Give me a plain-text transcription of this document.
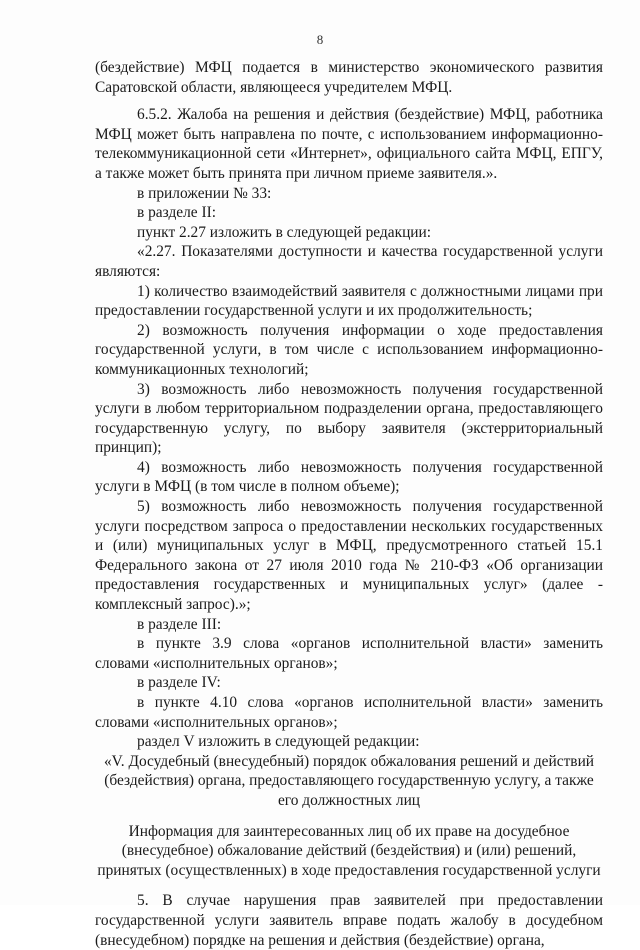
8

(бездействие) МФЦ подается в министерство экономического развития Саратовской области, являющееся учредителем МФЦ.

6.5.2. Жалоба на решения и действия (бездействие) МФЦ, работника МФЦ может быть направлена по почте, с использованием информационно-телекоммуникационной сети «Интернет», официального сайта МФЦ, ЕПГУ, а также может быть принята при личном приеме заявителя.».

в приложении № 33:

в разделе II:

пункт 2.27 изложить в следующей редакции:

«2.27. Показателями доступности и качества государственной услуги являются:

1) количество взаимодействий заявителя с должностными лицами при предоставлении государственной услуги и их продолжительность;

2) возможность получения информации о ходе предоставления государственной услуги, в том числе с использованием информационно-коммуникационных технологий;

3) возможность либо невозможность получения государственной услуги в любом территориальном подразделении органа, предоставляющего государственную услугу, по выбору заявителя (экстерриториальный принцип);

4) возможность либо невозможность получения государственной услуги в МФЦ (в том числе в полном объеме);

5) возможность либо невозможность получения государственной услуги посредством запроса о предоставлении нескольких государственных и (или) муниципальных услуг в МФЦ, предусмотренного статьей 15.1 Федерального закона от 27 июля 2010 года № 210-ФЗ «Об организации предоставления государственных и муниципальных услуг» (далее - комплексный запрос).»;

в разделе III:

в пункте 3.9 слова «органов исполнительной власти» заменить словами «исполнительных органов»;

в разделе IV:

в пункте 4.10 слова «органов исполнительной власти» заменить словами «исполнительных органов»;

раздел V изложить в следующей редакции:

«V. Досудебный (внесудебный) порядок обжалования решений и действий (бездействия) органа, предоставляющего государственную услугу, а также его должностных лиц

Информация для заинтересованных лиц об их праве на досудебное (внесудебное) обжалование действий (бездействия) и (или) решений, принятых (осуществленных) в ходе предоставления государственной услуги

5. В случае нарушения прав заявителей при предоставлении государственной услуги заявитель вправе подать жалобу в досудебном (внесудебном) порядке на решения и действия (бездействие) органа,
